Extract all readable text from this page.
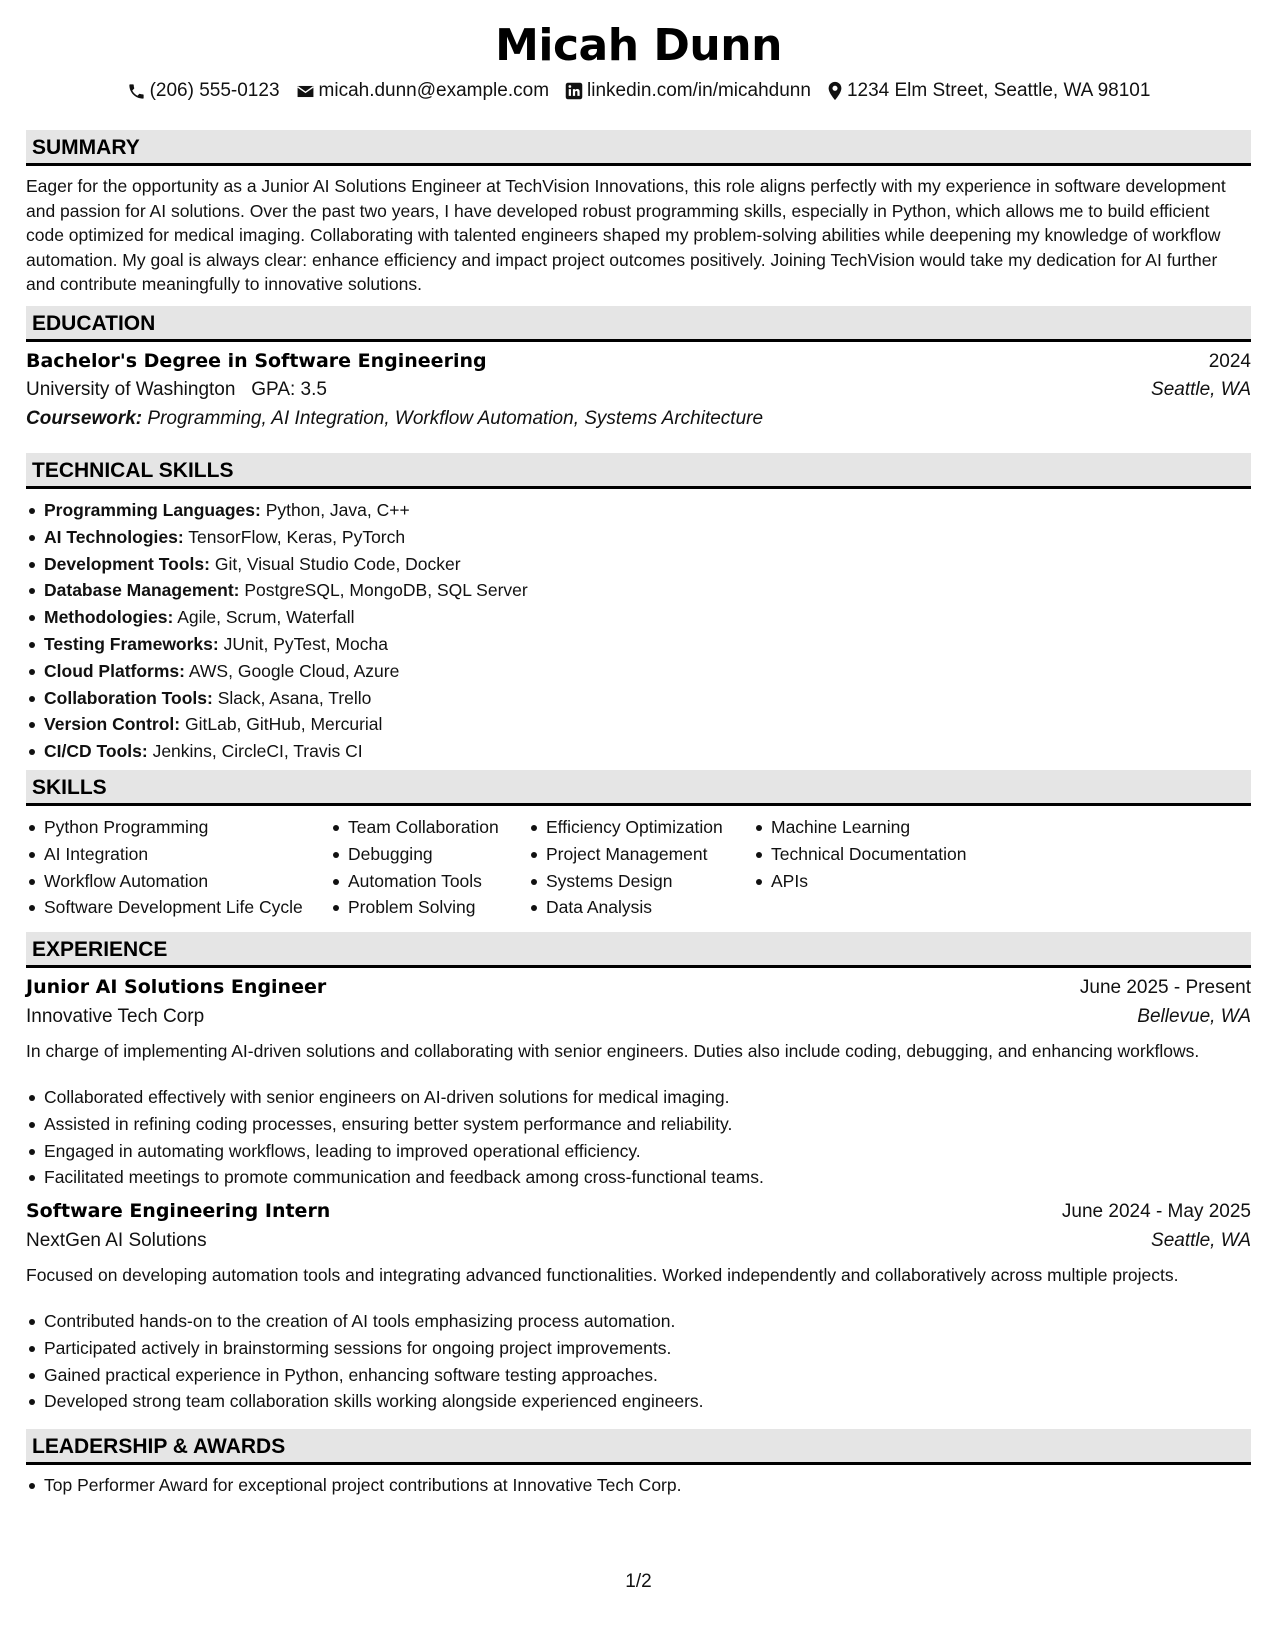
Micah Dunn
(206) 555-0123 micah.dunn@example.com linkedin.com/in/micahdunn 1234 Elm Street, Seattle, WA 98101
SUMMARY
Eager for the opportunity as a Junior AI Solutions Engineer at TechVision Innovations, this role aligns perfectly with my experience in software development and passion for AI solutions. Over the past two years, I have developed robust programming skills, especially in Python, which allows me to build efficient code optimized for medical imaging. Collaborating with talented engineers shaped my problem-solving abilities while deepening my knowledge of workflow automation. My goal is always clear: enhance efficiency and impact project outcomes positively. Joining TechVision would take my dedication for AI further and contribute meaningfully to innovative solutions.
EDUCATION
Bachelor's Degree in Software Engineering	2024
University of Washington GPA: 3.5	Seattle, WA
Coursework: Programming, AI Integration, Workflow Automation, Systems Architecture
TECHNICAL SKILLS
Programming Languages: Python, Java, C++
AI Technologies: TensorFlow, Keras, PyTorch
Development Tools: Git, Visual Studio Code, Docker
Database Management: PostgreSQL, MongoDB, SQL Server
Methodologies: Agile, Scrum, Waterfall
Testing Frameworks: JUnit, PyTest, Mocha
Cloud Platforms: AWS, Google Cloud, Azure
Collaboration Tools: Slack, Asana, Trello
Version Control: GitLab, GitHub, Mercurial
CI/CD Tools: Jenkins, CircleCI, Travis CI
SKILLS
Python Programming
AI Integration
Workflow Automation
Software Development Life Cycle
Team Collaboration
Debugging
Automation Tools
Problem Solving
Efficiency Optimization
Project Management
Systems Design
Data Analysis
Machine Learning
Technical Documentation
APIs
EXPERIENCE
Junior AI Solutions Engineer	June 2025 - Present
Innovative Tech Corp	Bellevue, WA
In charge of implementing AI-driven solutions and collaborating with senior engineers. Duties also include coding, debugging, and enhancing workflows.
Collaborated effectively with senior engineers on AI-driven solutions for medical imaging.
Assisted in refining coding processes, ensuring better system performance and reliability.
Engaged in automating workflows, leading to improved operational efficiency.
Facilitated meetings to promote communication and feedback among cross-functional teams.
Software Engineering Intern	June 2024 - May 2025
NextGen AI Solutions	Seattle, WA
Focused on developing automation tools and integrating advanced functionalities. Worked independently and collaboratively across multiple projects.
Contributed hands-on to the creation of AI tools emphasizing process automation.
Participated actively in brainstorming sessions for ongoing project improvements.
Gained practical experience in Python, enhancing software testing approaches.
Developed strong team collaboration skills working alongside experienced engineers.
LEADERSHIP & AWARDS
Top Performer Award for exceptional project contributions at Innovative Tech Corp.
1/2
